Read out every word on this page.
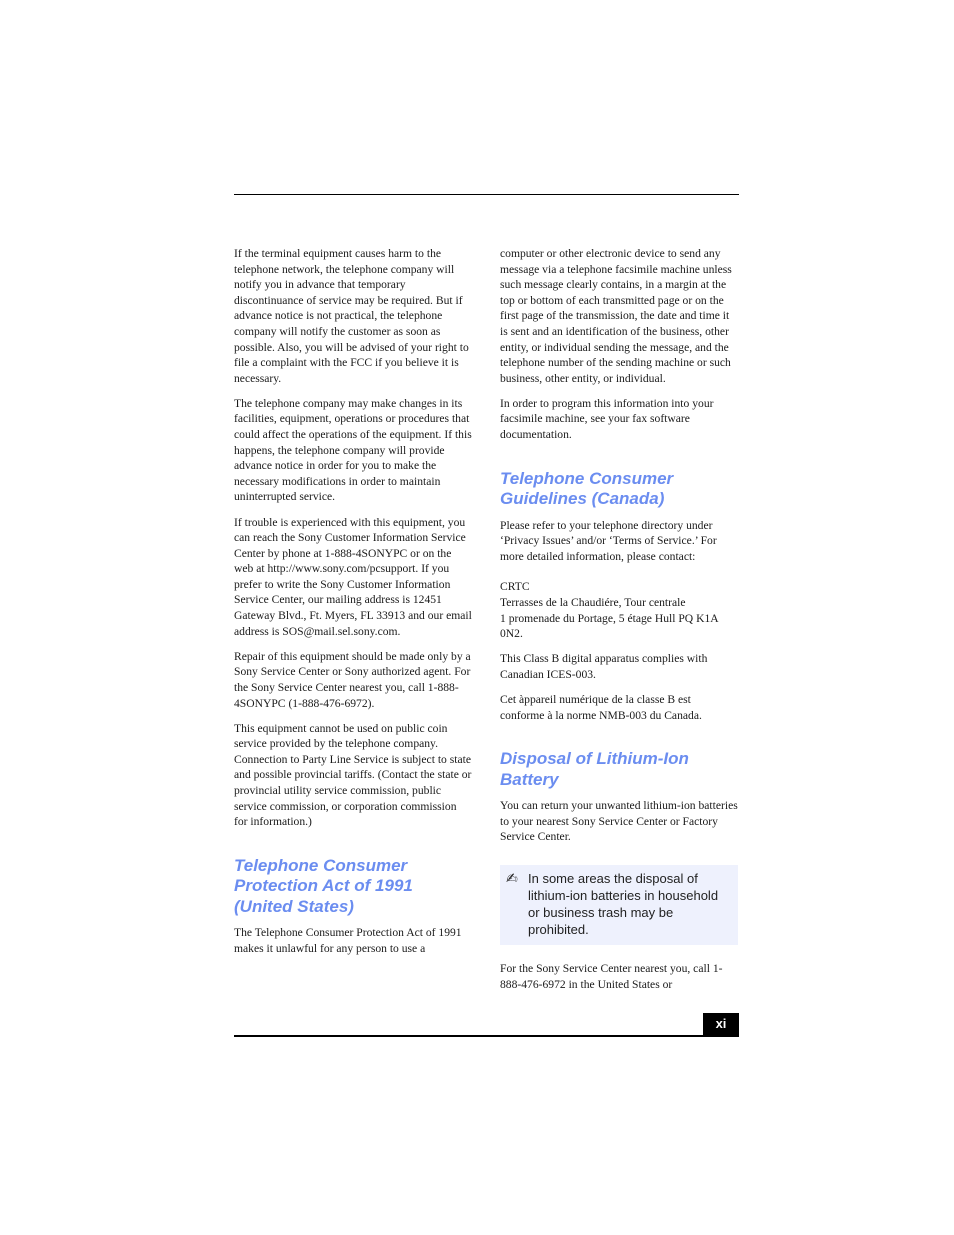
If the terminal equipment causes harm to the telephone network, the telephone company will notify you in advance that temporary discontinuance of service may be required. But if advance notice is not practical, the telephone company will notify the customer as soon as possible. Also, you will be advised of your right to file a complaint with the FCC if you believe it is necessary.

The telephone company may make changes in its facilities, equipment, operations or procedures that could affect the operations of the equipment. If this happens, the telephone company will provide advance notice in order for you to make the necessary modifications in order to maintain uninterrupted service.

If trouble is experienced with this equipment, you can reach the Sony Customer Information Service Center by phone at 1-888-4SONYPC or on the web at http://www.sony.com/pcsupport. If you prefer to write the Sony Customer Information Service Center, our mailing address is 12451 Gateway Blvd., Ft. Myers, FL 33913 and our email address is SOS@mail.sel.sony.com.

Repair of this equipment should be made only by a Sony Service Center or Sony authorized agent. For the Sony Service Center nearest you, call 1-888-4SONYPC (1-888-476-6972).

This equipment cannot be used on public coin service provided by the telephone company. Connection to Party Line Service is subject to state and possible provincial tariffs. (Contact the state or provincial utility service commission, public service commission, or corporation commission for information.)

Telephone Consumer Protection Act of 1991 (United States)

The Telephone Consumer Protection Act of 1991 makes it unlawful for any person to use a

computer or other electronic device to send any message via a telephone facsimile machine unless such message clearly contains, in a margin at the top or bottom of each transmitted page or on the first page of the transmission, the date and time it is sent and an identification of the business, other entity, or individual sending the message, and the telephone number of the sending machine or such business, other entity, or individual.

In order to program this information into your facsimile machine, see your fax software documentation.

Telephone Consumer Guidelines (Canada)

Please refer to your telephone directory under ‘Privacy Issues’ and/or ‘Terms of Service.’ For more detailed information, please contact:

CRTC
Terrasses de la Chaudiére, Tour centrale
1 promenade du Portage, 5 étage Hull PQ K1A 0N2.

This Class B digital apparatus complies with Canadian ICES-003.

Cet àppareil numérique de la classe B est conforme à la norme NMB-003 du Canada.

Disposal of Lithium-Ion Battery

You can return your unwanted lithium-ion batteries to your nearest Sony Service Center or Factory Service Center.

✍ In some areas the disposal of lithium-ion batteries in household or business trash may be prohibited.

For the Sony Service Center nearest you, call 1-888-476-6972 in the United States or

xi
